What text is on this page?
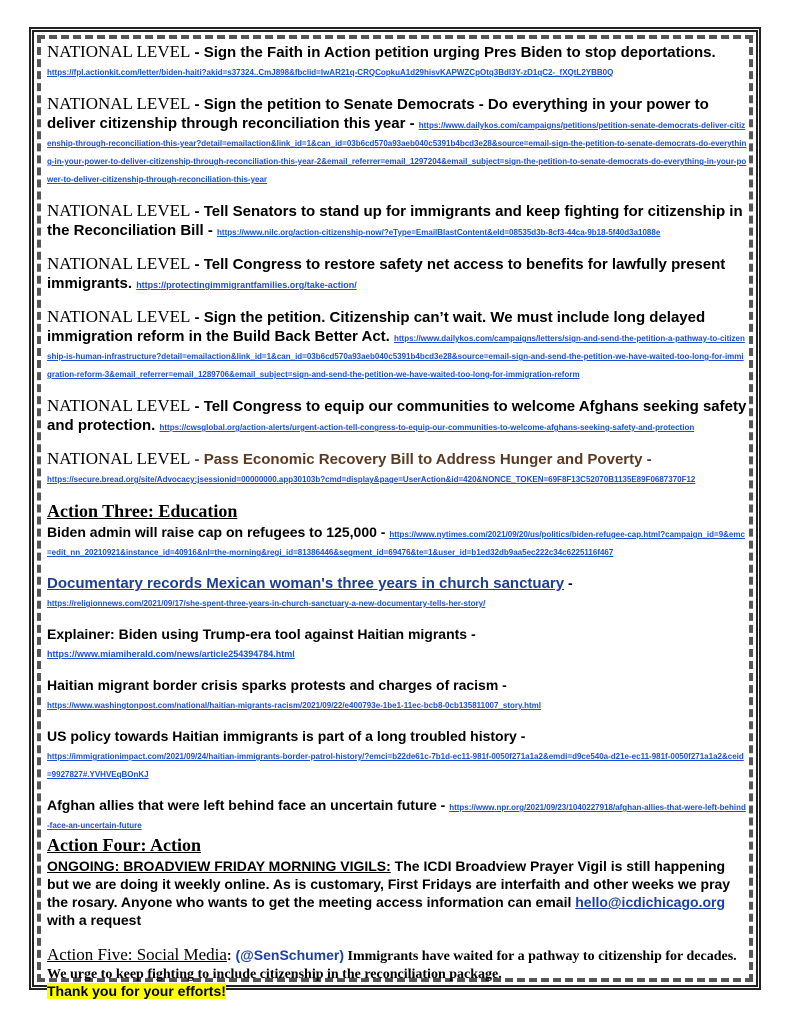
NATIONAL LEVEL - Sign the Faith in Action petition urging Pres Biden to stop deportations.
https://fpl.actionkit.com/letter/biden-haiti?akid=s37324..CmJ898&fbclid=IwAR21q-CRQCopkuA1d29hisvKAPWZCpOtq3Bdl3Y-zD1qC2-_fXQtL2YBB0Q
NATIONAL LEVEL - Sign the petition to Senate Democrats - Do everything in your power to deliver citizenship through reconciliation this year - https://www.dailykos.com/campaigns/petitions/petition-senate-democrats-deliver-citizenship-through-reconciliation-this-year?detail=emailaction&link_id=1&can_id=03b6cd570a93aeb040c5391b4bcd3e28&source=email-sign-the-petition-to-senate-democrats-do-everything-in-your-power-to-deliver-citizenship-through-reconciliation-this-year-2&email_referrer=email_1297204&email_subject=sign-the-petition-to-senate-democrats-do-everything-in-your-power-to-deliver-citizenship-through-reconciliation-this-year
NATIONAL LEVEL - Tell Senators to stand up for immigrants and keep fighting for citizenship in the Reconciliation Bill - https://www.nilc.org/action-citizenship-now/?eType=EmailBlastContent&eld=08535d3b-8cf3-44ca-9b18-5f40d3a1088e
NATIONAL LEVEL - Tell Congress to restore safety net access to benefits for lawfully present immigrants. https://protectingimmigrantfamilies.org/take-action/
NATIONAL LEVEL - Sign the petition. Citizenship can’t wait. We must include long delayed immigration reform in the Build Back Better Act. https://www.dailykos.com/campaigns/letters/sign-and-send-the-petition-a-pathway-to-citizenship-is-human-infrastructure?detail=emailaction&link_id=1&can_id=03b6cd570a93aeb040c5391b4bcd3e28&source=email-sign-and-send-the-petition-we-have-waited-too-long-for-immigration-reform-3&email_referrer=email_1289706&email_subject=sign-and-send-the-petition-we-have-waited-too-long-for-immigration-reform
NATIONAL LEVEL - Tell Congress to equip our communities to welcome Afghans seeking safety and protection. https://cwsglobal.org/action-alerts/urgent-action-tell-congress-to-equip-our-communities-to-welcome-afghans-seeking-safety-and-protection
NATIONAL LEVEL - Pass Economic Recovery Bill to Address Hunger and Poverty -
https://secure.bread.org/site/Advocacy;jsessionid=00000000.app30103b?cmd=display&page=UserAction&id=420&NONCE_TOKEN=69F8F13C52070B1135E89F0687370F12
Action Three: Education
Biden admin will raise cap on refugees to 125,000 - https://www.nytimes.com/2021/09/20/us/politics/biden-refugee-cap.html?campaign_id=9&emc=edit_nn_20210921&instance_id=40916&nl=the-morning&regi_id=81386446&segment_id=69476&te=1&user_id=b1ed32db9aa5ec222c34c6225116f467
Documentary records Mexican woman's three years in church sanctuary -
https://religionnews.com/2021/09/17/she-spent-three-years-in-church-sanctuary-a-new-documentary-tells-her-story/
Explainer: Biden using Trump-era tool against Haitian migrants -
https://www.miamiherald.com/news/article254394784.html
Haitian migrant border crisis sparks protests and charges of racism -
https://www.washingtonpost.com/national/haitian-migrants-racism/2021/09/22/e400793e-1be1-11ec-bcb8-0cb135811007_story.html
US policy towards Haitian immigrants is part of a long troubled history -
https://immigrationimpact.com/2021/09/24/haitian-immigrants-border-patrol-history/?emci=b22de61c-7b1d-ec11-981f-0050f271a1a2&emdi=d9ce540a-d21e-ec11-981f-0050f271a1a2&ceid=9927827#.YVHVEqBOnKJ
Afghan allies that were left behind face an uncertain future - https://www.npr.org/2021/09/23/1040227918/afghan-allies-that-were-left-behind-face-an-uncertain-future
Action Four: Action
ONGOING: BROADVIEW FRIDAY MORNING VIGILS: The ICDI Broadview Prayer Vigil is still happening but we are doing it weekly online. As is customary, First Fridays are interfaith and other weeks we pray the rosary. Anyone who wants to get the meeting access information can email hello@icdichicago.org with a request
Action Five: Social Media: (@SenSchumer) Immigrants have waited for a pathway to citizenship for decades. We urge to keep fighting to include citizenship in the reconciliation package.
Thank you for your efforts!
